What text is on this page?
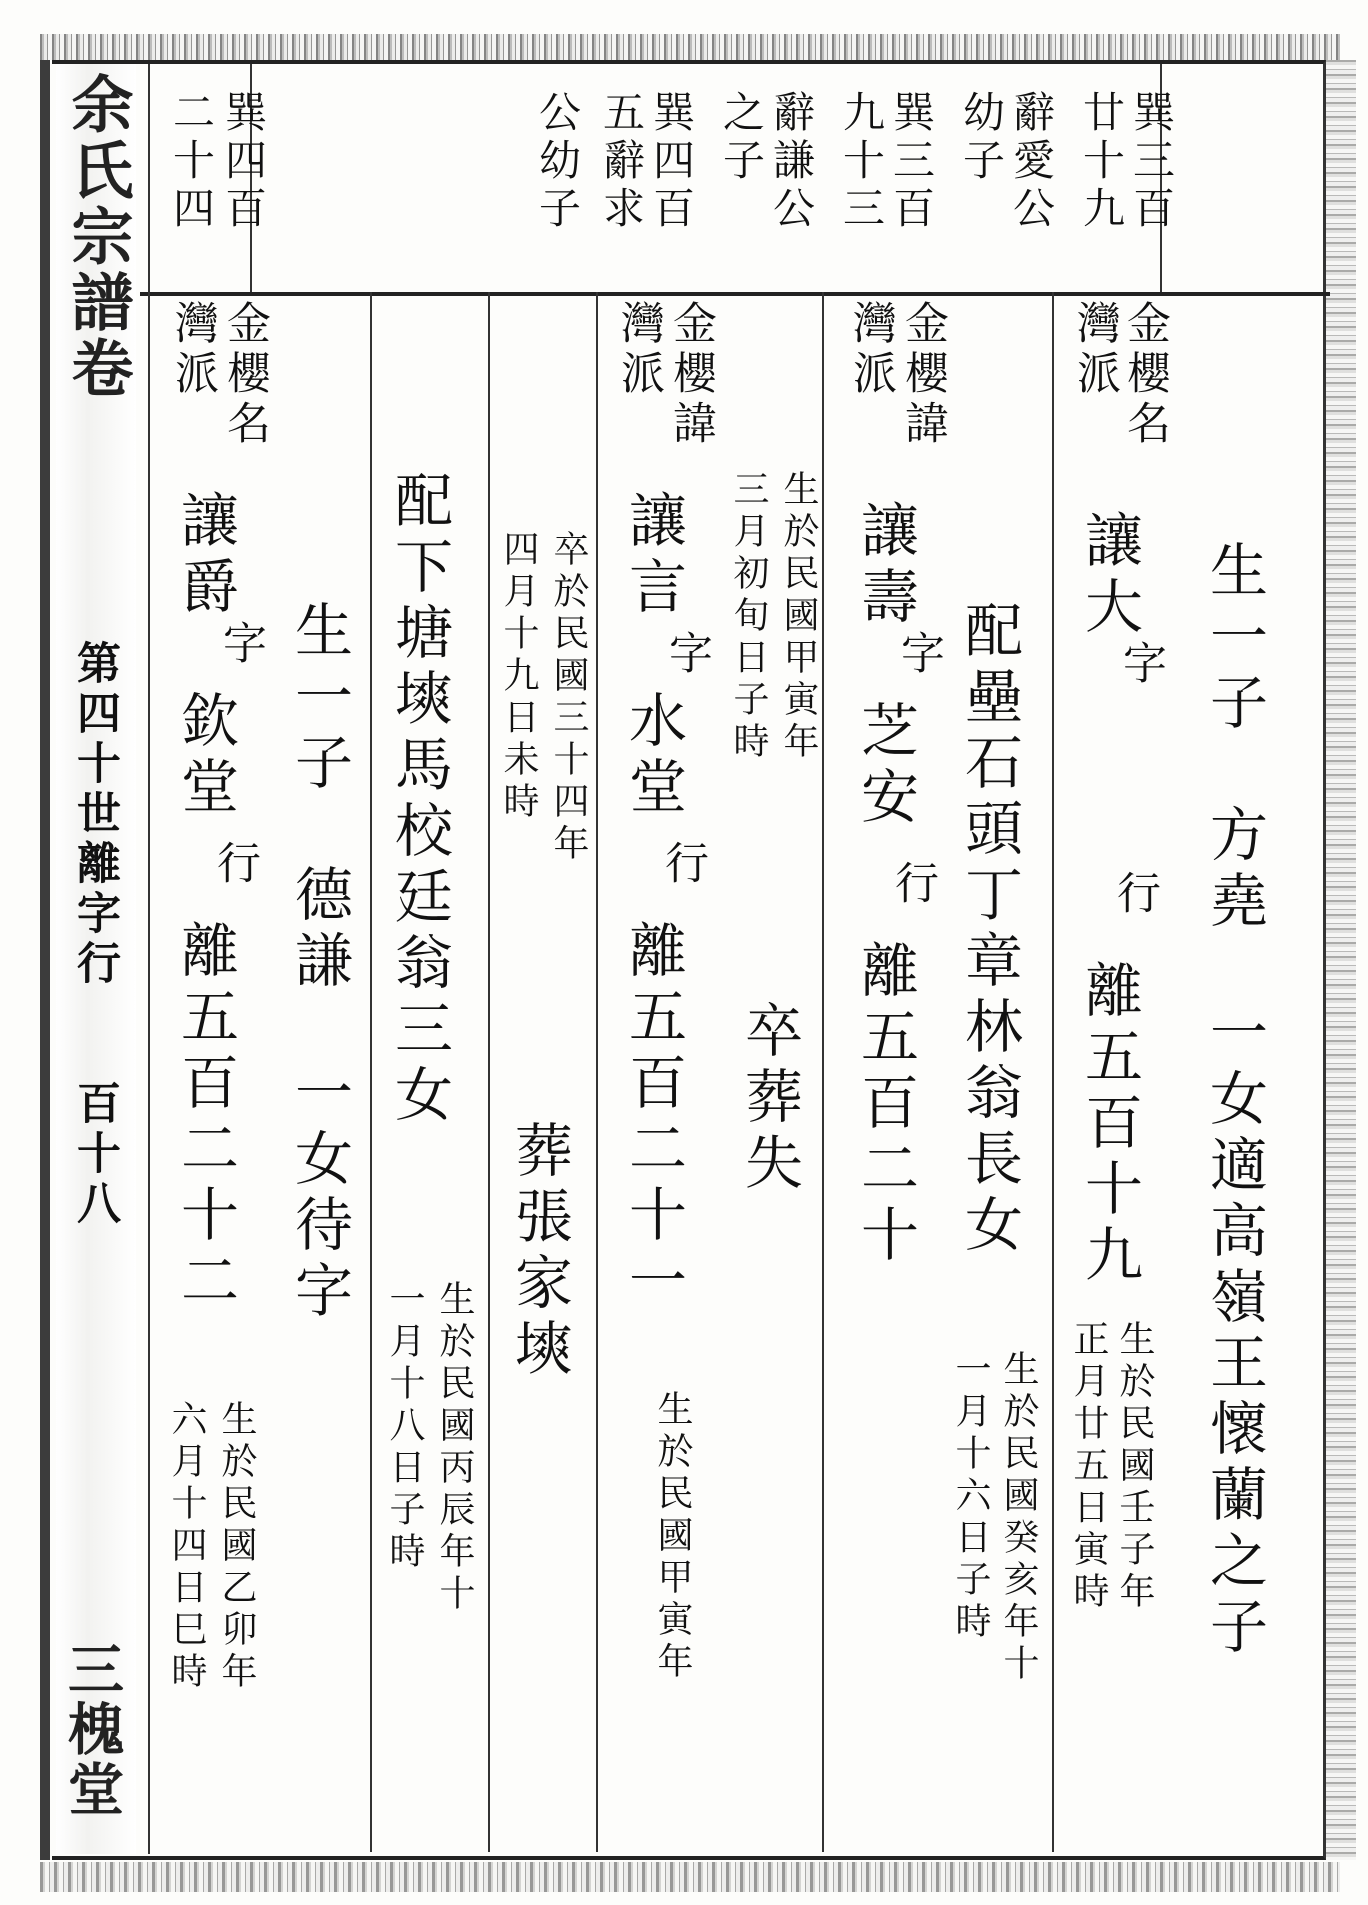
余氏宗譜卷
第四十世離字行
百十八
三槐堂
巽三百
廿十九
辭愛公
幼子
巽三百
九十三
辭謙公
之子
巽四百
五辭求
公幼子
巽四百
二十四
金櫻名
灣派
讓大
字
行
離五百十九 生一子　方堯　一女適高嶺王懷蘭之子
配壘石頭丁章林翁長女
生於民國壬子年
正月廿五日寅時
金櫻諱
灣派
讓壽
字
芝安
行
離五百二十
生於民國甲寅年
三月初旬日子時
卒葬失
生於民國癸亥年十
一月十六日子時
金櫻諱
灣派
讓言
字
水堂
行
離五百二十一
卒於民國三十四年
四月十九日未時
葬張家塽
生於民國甲寅年
金櫻名
灣派
讓爵
字
欽堂
行
離五百二十二	配下塘塽馬校廷翁三女
生於民國丙辰年十
一月十八日子時
生一子　德謙　一女待字
生於民國乙卯年
六月十四日巳時
